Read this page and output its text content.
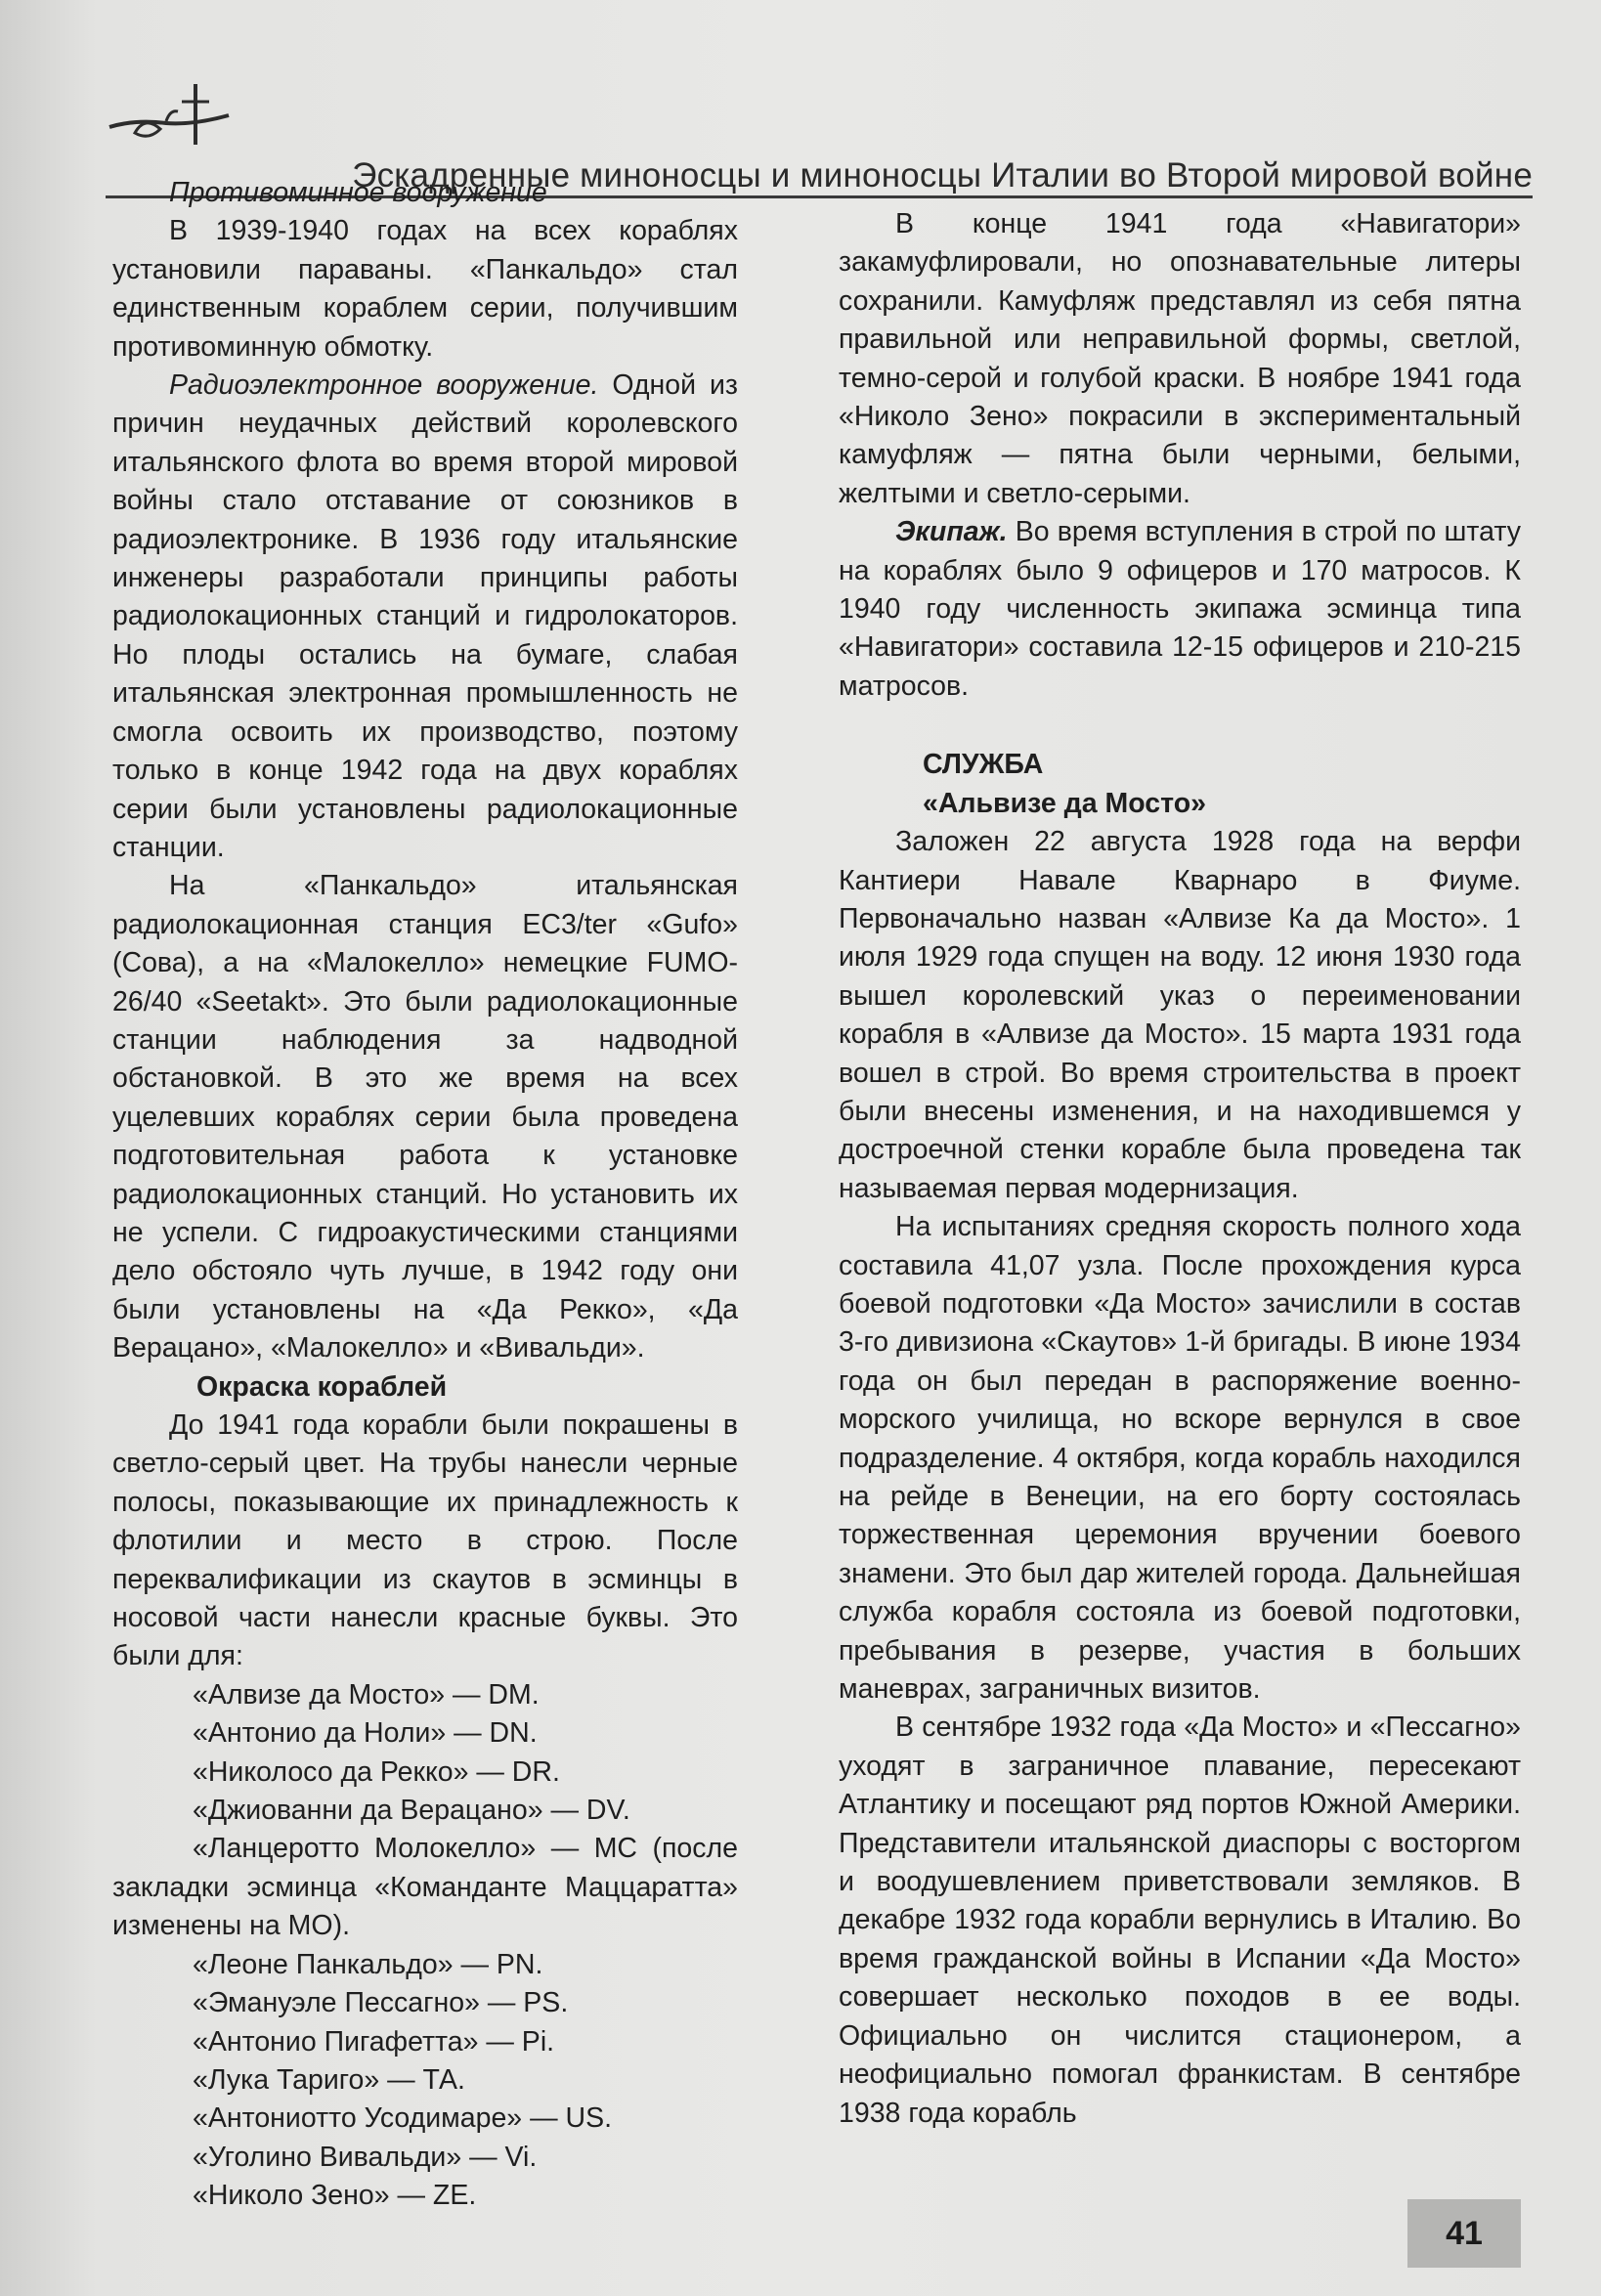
Эскадренные миноносцы и миноносцы Италии во Второй мировой войне

Противоминное вооружение

В 1939-1940 годах на всех кораблях установили параваны. «Панкальдо» стал единственным кораблем серии, получившим противоминную обмотку.

Радиоэлектронное вооружение. Одной из причин неудачных действий королевского итальянского флота во время второй мировой войны стало отставание от союзников в радиоэлектронике. В 1936 году итальянские инженеры разработали принципы работы радиолокационных станций и гидролокаторов. Но плоды остались на бумаге, слабая итальянская электронная промышленность не смогла освоить их производство, поэтому только в конце 1942 года на двух кораблях серии были установлены радиолокационные станции.

На «Панкальдо» итальянская радиолокационная станция ЕС3/ter «Gufo» (Сова), а на «Малокелло» немецкие FUMO-26/40 «Seetakt». Это были радиолокационные станции наблюдения за надводной обстановкой. В это же время на всех уцелевших кораблях серии была проведена подготовительная работа к установке радиолокационных станций. Но установить их не успели. С гидроакустическими станциями дело обстояло чуть лучше, в 1942 году они были установлены на «Да Рекко», «Да Верацано», «Малокелло» и «Вивальди».

Окраска кораблей

До 1941 года корабли были покрашены в светло-серый цвет. На трубы нанесли черные полосы, показывающие их принадлежность к флотилии и место в строю. После переквалификации из скаутов в эсминцы в носовой части нанесли красные буквы. Это были для:

«Алвизе да Мосто» — DM.

«Антонио да Ноли» — DN.

«Николосо да Рекко» — DR.

«Джиованни да Верацано» — DV.

«Ланцеротто Молокелло» — МС (после закладки эсминца «Команданте Маццаратта» изменены на МО).

«Леоне Панкальдо» — PN.

«Эмануэле Пессагно» — PS.

«Антонио Пигафетта» — Pi.

«Лука Тариго» — ТА.

«Антониотто Усодимаре» — US.

«Уголино Вивальди» — Vi.

«Николо Зено» — ZE.

В конце 1941 года «Навигатори» закамуфлировали, но опознавательные литеры сохранили. Камуфляж представлял из себя пятна правильной или неправильной формы, светлой, темно-серой и голубой краски. В ноябре 1941 года «Николо Зено» покрасили в экспериментальный камуфляж — пятна были черными, белыми, желтыми и светло-серыми.

Экипаж. Во время вступления в строй по штату на кораблях было 9 офицеров и 170 матросов. К 1940 году численность экипажа эсминца типа «Навигатори» составила 12-15 офицеров и 210-215 матросов.

СЛУЖБА

«Альвизе да Мосто»

Заложен 22 августа 1928 года на верфи Кантиери Навале Кварнаро в Фиуме. Первоначально назван «Алвизе Ка да Мосто». 1 июля 1929 года спущен на воду. 12 июня 1930 года вышел королевский указ о переименовании корабля в «Алвизе да Мосто». 15 марта 1931 года вошел в строй. Во время строительства в проект были внесены изменения, и на находившемся у достроечной стенки корабле была проведена так называемая первая модернизация.

На испытаниях средняя скорость полного хода составила 41,07 узла. После прохождения курса боевой подготовки «Да Мосто» зачислили в состав 3-го дивизиона «Скаутов» 1-й бригады. В июне 1934 года он был передан в распоряжение военно-морского училища, но вскоре вернулся в свое подразделение. 4 октября, когда корабль находился на рейде в Венеции, на его борту состоялась торжественная церемония вручении боевого знамени. Это был дар жителей города. Дальнейшая служба корабля состояла из боевой подготовки, пребывания в резерве, участия в больших маневрах, заграничных визитов.

В сентябре 1932 года «Да Мосто» и «Пессагно» уходят в заграничное плавание, пересекают Атлантику и посещают ряд портов Южной Америки. Представители итальянской диаспоры с восторгом и воодушевлением приветствовали земляков. В декабре 1932 года корабли вернулись в Италию. Во время гражданской войны в Испании «Да Мосто» совершает несколько походов в ее воды. Официально он числится стационером, а неофициально помогал франкистам. В сентябре 1938 года корабль

41
